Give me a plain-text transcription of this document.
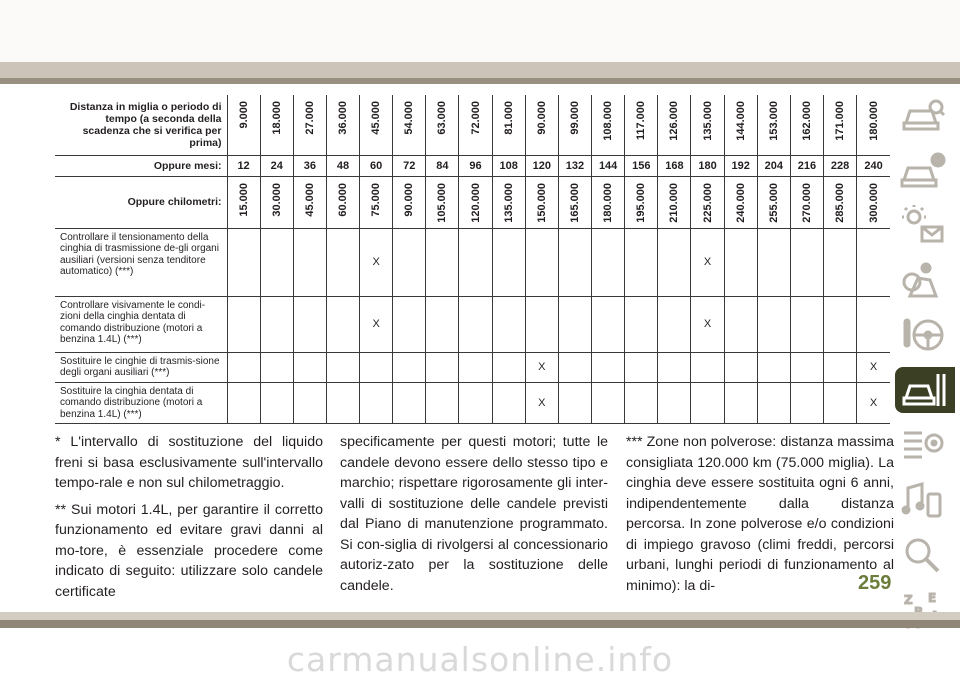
Distanza in miglia o periodo di tempo (a seconda della scadenza che si verifica per prima)	9.000	18.000	27.000	36.000	45.000	54.000	63.000	72.000	81.000	90.000	99.000	108.000	117.000	126.000	135.000	144.000	153.000	162.000	171.000	180.000
Oppure mesi:	12	24	36	48	60	72	84	96	108	120	132	144	156	168	180	192	204	216	228	240
Oppure chilometri:	15.000	30.000	45.000	60.000	75.000	90.000	105.000	120.000	135.000	150.000	165.000	180.000	195.000	210.000	225.000	240.000	255.000	270.000	285.000	300.000
Controllare il tensionamento della cinghia di trasmissione de-gli organi ausiliari (versioni senza tenditore automatico) (***)					X										X					
Controllare visivamente le condi-zioni della cinghia dentata di comando distribuzione (motori a benzina 1.4L) (***)					X										X					
Sostituire le cinghie di trasmis-sione degli organi ausiliari (***)										X										X
Sostituire la cinghia dentata di comando distribuzione (motori a benzina 1.4L) (***)										X										X

* L'intervallo di sostituzione del liquido freni si basa esclusivamente sull'intervallo tempo-rale e non sul chilometraggio.

** Sui motori 1.4L, per garantire il corretto funzionamento ed evitare gravi danni al mo-tore, è essenziale procedere come indicato di seguito: utilizzare solo candele certificate

specificamente per questi motori; tutte le candele devono essere dello stesso tipo e marchio; rispettare rigorosamente gli inter-valli di sostituzione delle candele previsti dal Piano di manutenzione programmato. Si con-siglia di rivolgersi al concessionario autoriz-zato per la sostituzione delle candele.

*** Zone non polverose: distanza massima consigliata 120.000 km (75.000 miglia). La cinghia deve essere sostituita ogni 6 anni, indipendentemente dalla distanza percorsa. In zone polverose e/o condizioni di impiego gravoso (climi freddi, percorsi urbani, lunghi periodi di funzionamento al minimo): la di-

Z E
259
carmanualsonline.info
